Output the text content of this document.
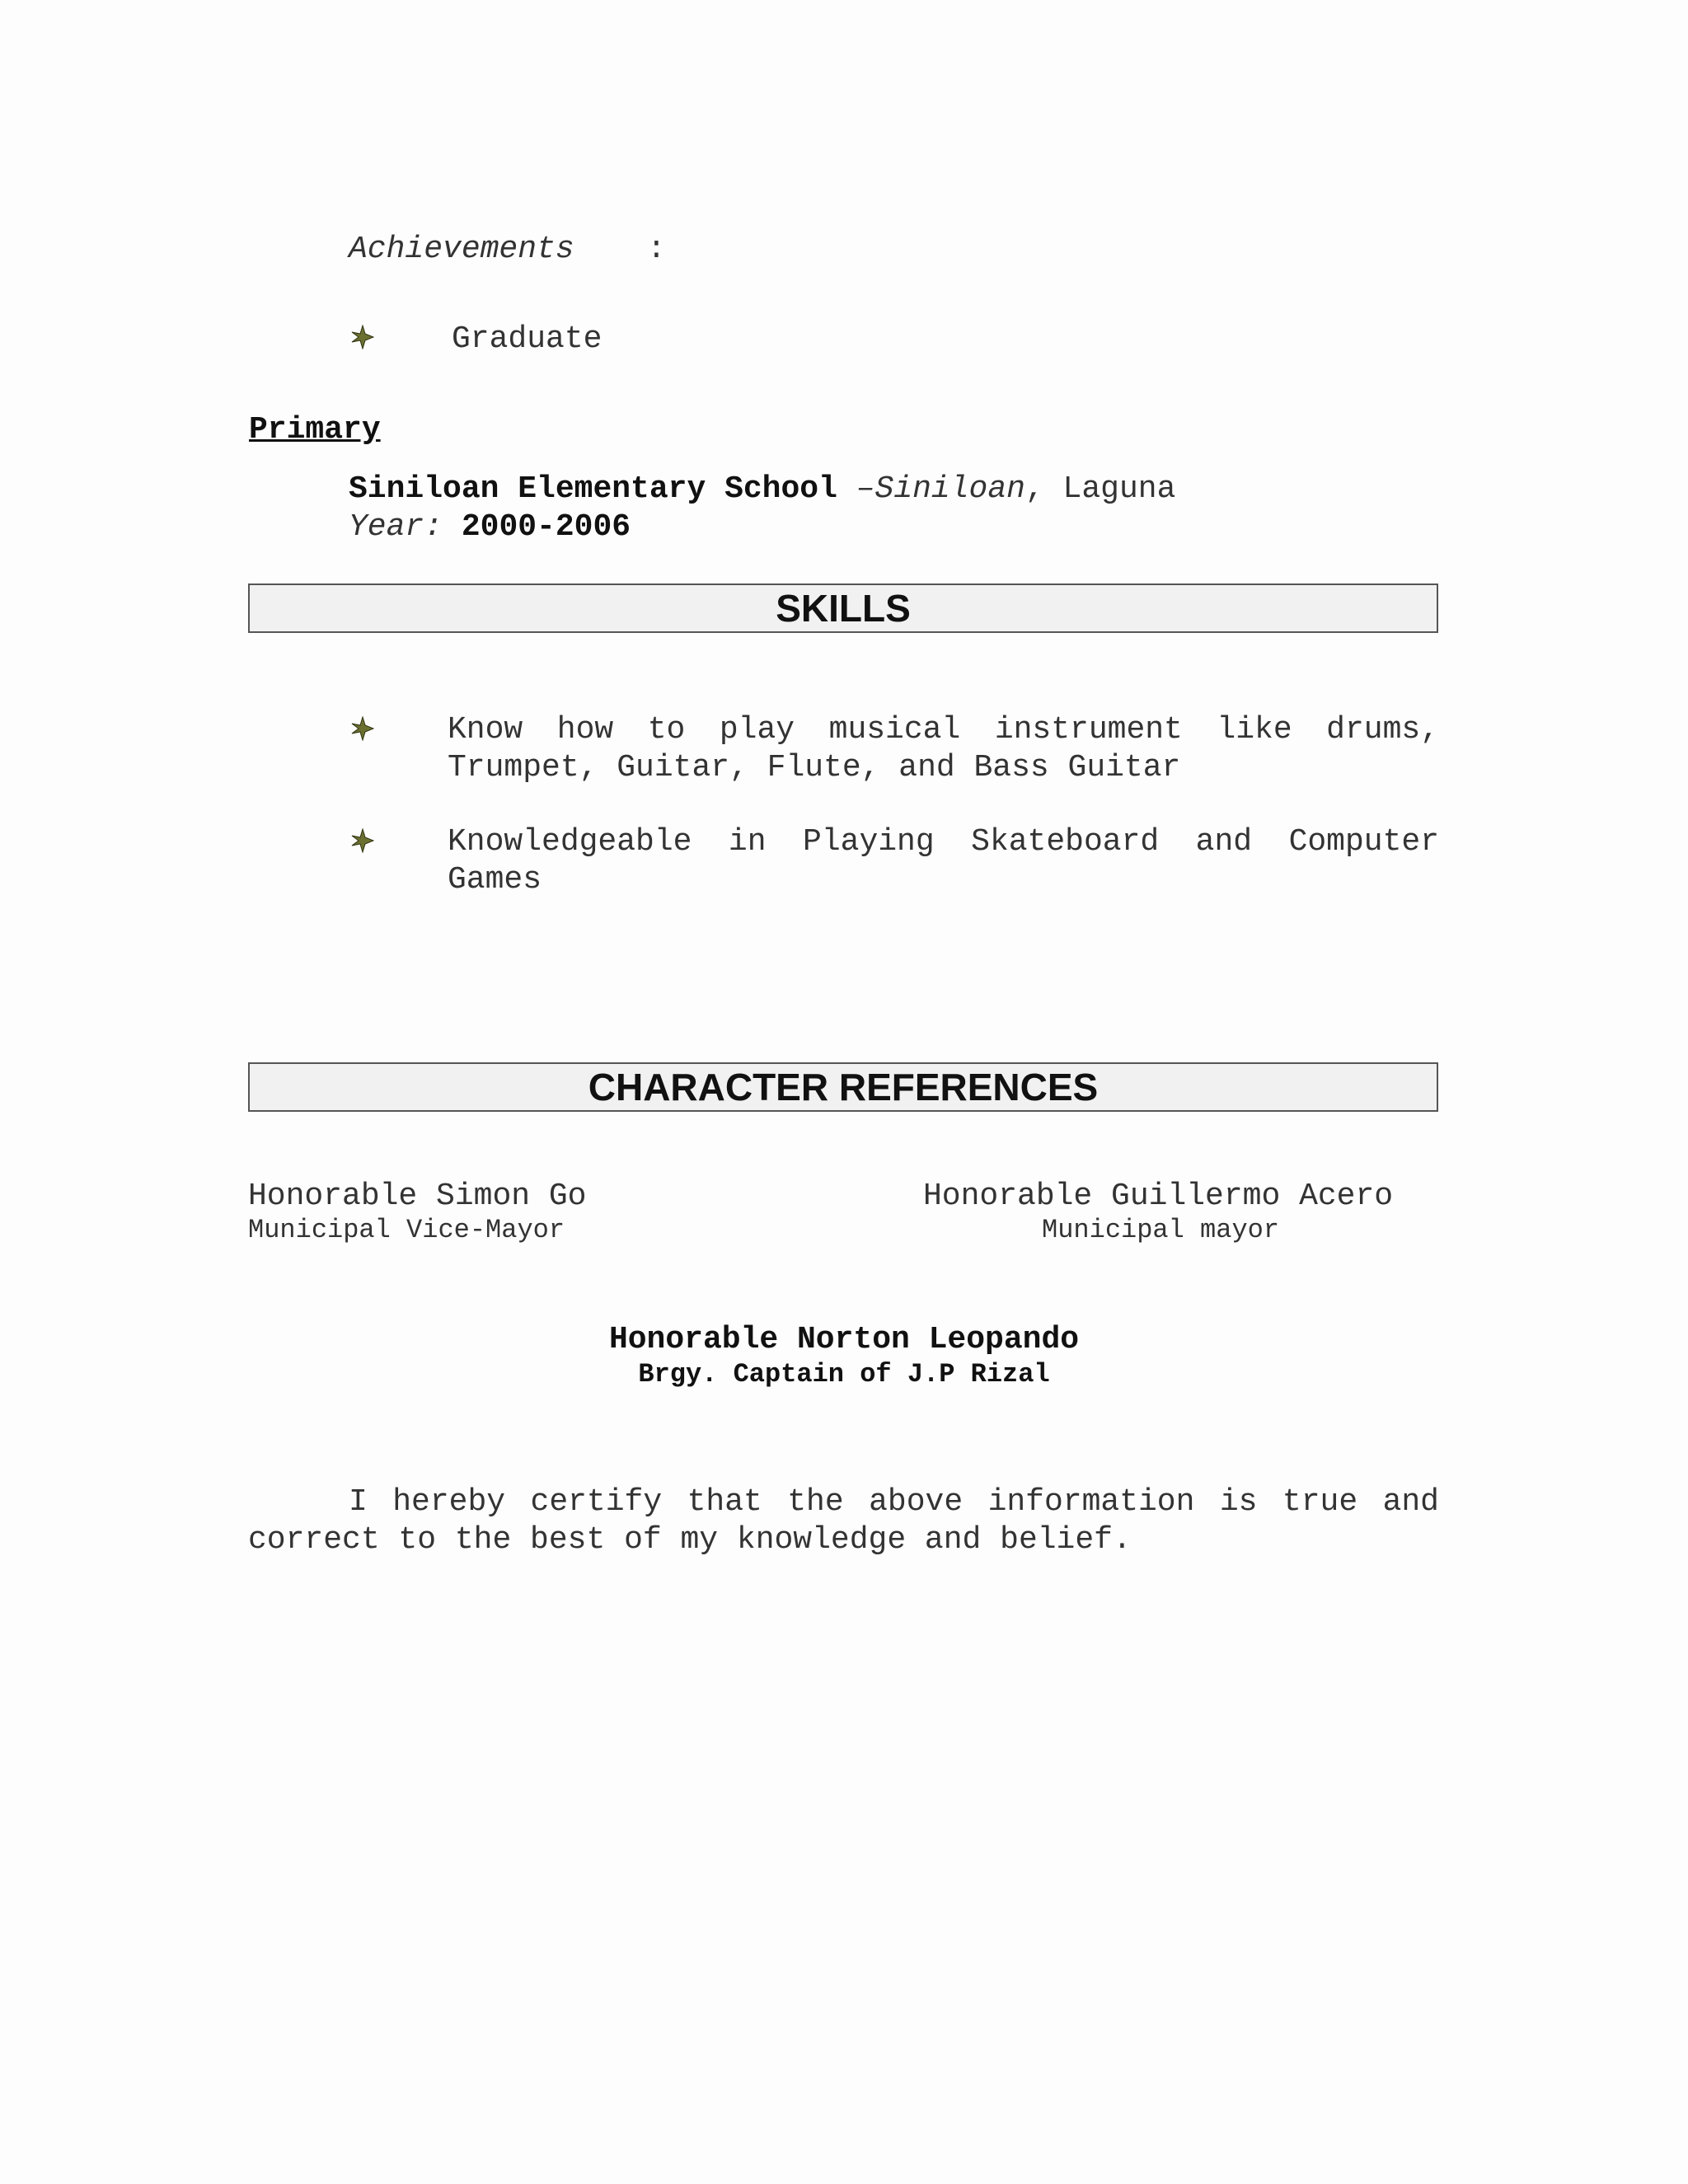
Achievements :
Graduate
Primary
Siniloan Elementary School –Siniloan, Laguna
Year: 2000-2006
SKILLS
Know how to play musical instrument like drums, Trumpet, Guitar, Flute, and Bass Guitar
Knowledgeable in Playing Skateboard and Computer Games
CHARACTER REFERENCES
Honorable Simon Go
Municipal Vice-Mayor
Honorable Guillermo Acero
Municipal mayor
Honorable Norton Leopando
Brgy. Captain of J.P Rizal
I hereby certify that the above information is true and correct to the best of my knowledge and belief.
